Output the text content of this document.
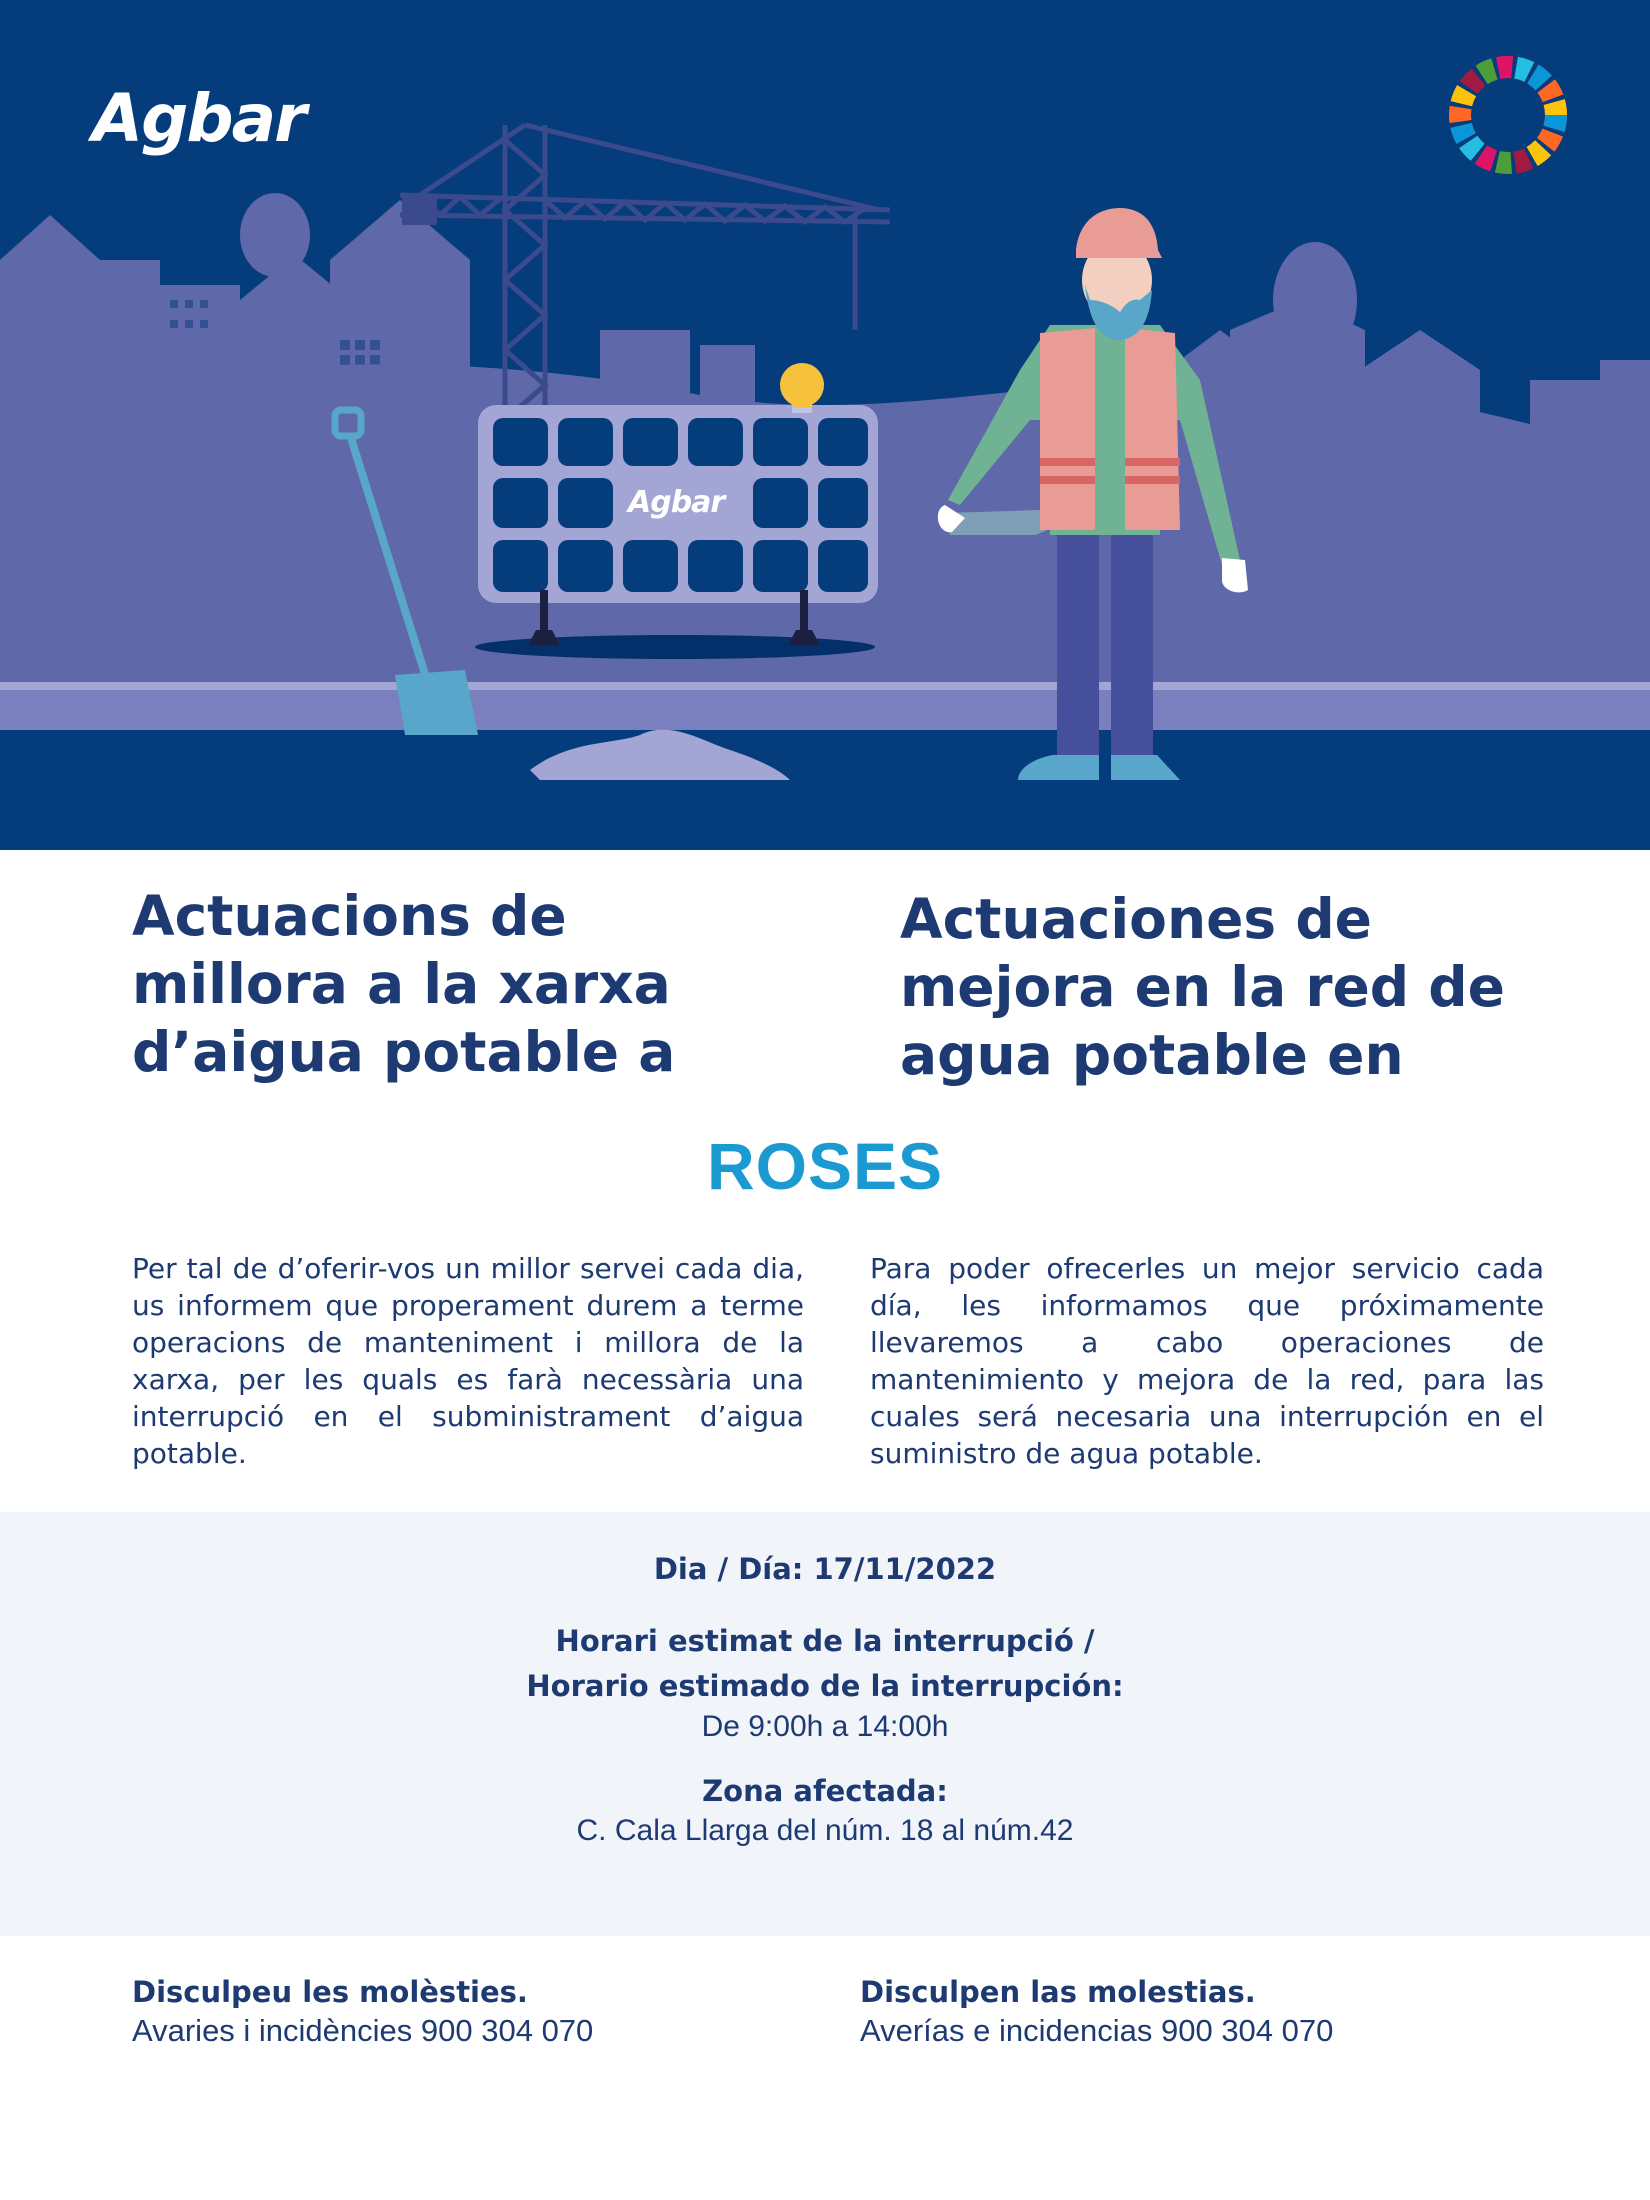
Agbar
Agbar
Actuacions de
millora a la xarxa
d’aigua potable a
Actuaciones de
mejora en la red de
agua potable en
ROSES

Per tal de d’oferir-vos un millor servei cada dia, us informem que properament durem a terme operacions de manteniment i millora de la xarxa, per les quals es farà necessària una interrupció en el subministrament d’aigua potable.

Para poder ofrecerles un mejor servicio cada día, les informamos que próximamente llevaremos a cabo operaciones de mantenimiento y mejora de la red, para las cuales será necesaria una interrupción en el suministro de agua potable.

Dia / Día: 17/11/2022
Horari estimat de la interrupció /
Horario estimado de la interrupción:
De 9:00h a 14:00h
Zona afectada:
C. Cala Llarga del núm. 18 al núm.42
Disculpeu les molèsties.
Avaries i incidències 900 304 070
Disculpen las molestias.
Averías e incidencias 900 304 070
